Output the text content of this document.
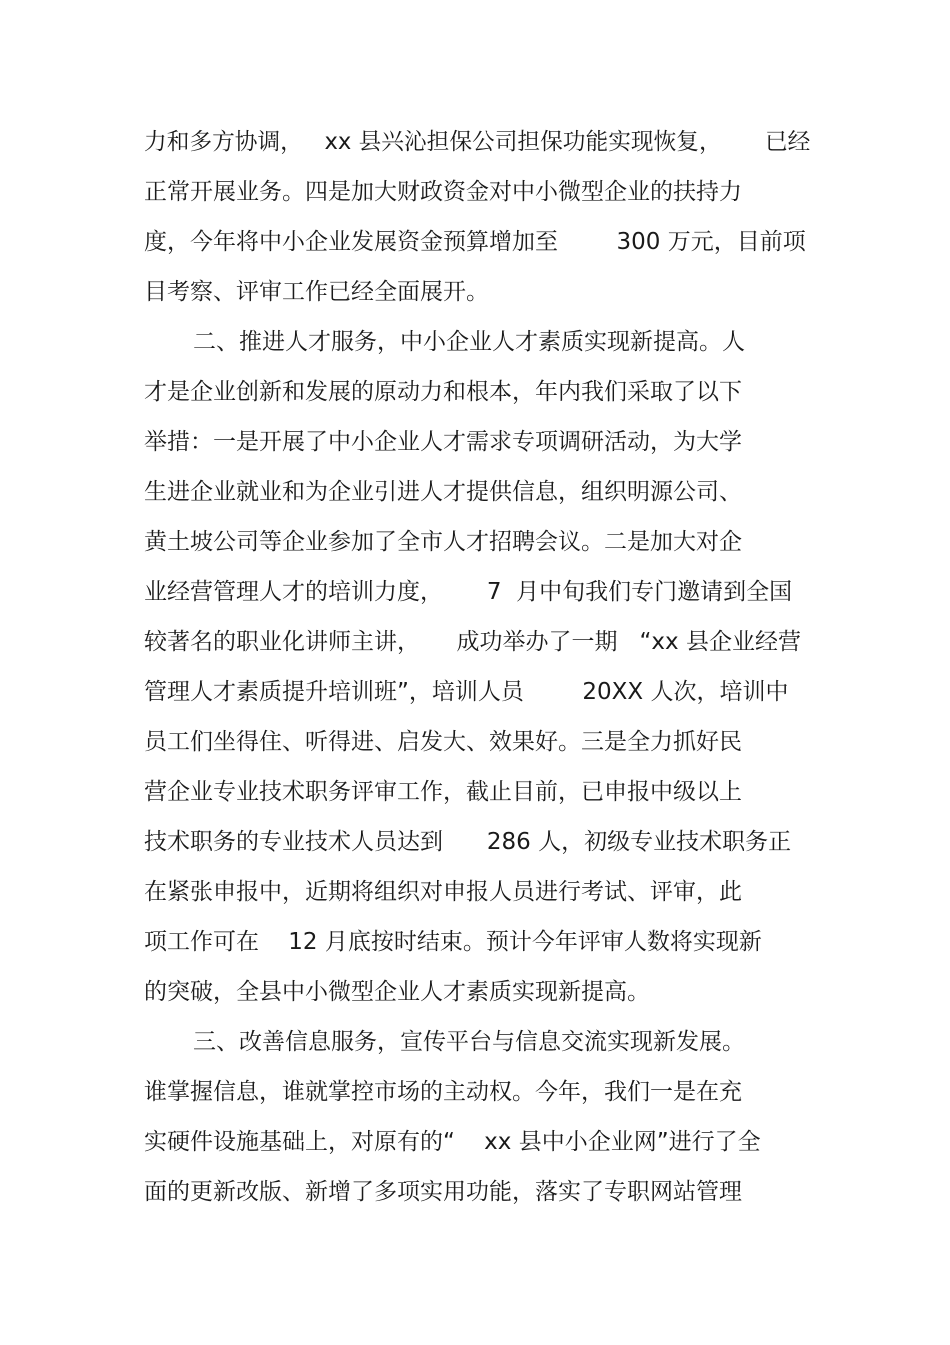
力和多方协调，   xx 县兴沁担保公司担保功能实现恢复，      已经
正常开展业务。四是加大财政资金对中小微型企业的扶持力
度，今年将中小企业发展资金预算增加至        300 万元，目前项
目考察、评审工作已经全面展开。
二、推进人才服务，中小企业人才素质实现新提高。人
才是企业创新和发展的原动力和根本，年内我们采取了以下
举措：一是开展了中小企业人才需求专项调研活动，为大学
生进企业就业和为企业引进人才提供信息，组织明源公司、
黄土坡公司等企业参加了全市人才招聘会议。二是加大对企
业经营管理人才的培训力度，      7  月中旬我们专门邀请到全国
较著名的职业化讲师主讲，     成功举办了一期   “xx 县企业经营
管理人才素质提升培训班”，培训人员        20XX 人次，培训中
员工们坐得住、听得进、启发大、效果好。三是全力抓好民
营企业专业技术职务评审工作，截止目前，已申报中级以上
技术职务的专业技术人员达到      286 人，初级专业技术职务正
在紧张申报中，近期将组织对申报人员进行考试、评审，此
项工作可在    12 月底按时结束。预计今年评审人数将实现新
的突破，全县中小微型企业人才素质实现新提高。
三、改善信息服务，宣传平台与信息交流实现新发展。
谁掌握信息，谁就掌控市场的主动权。今年，我们一是在充
实硬件设施基础上，对原有的“    xx 县中小企业网”进行了全
面的更新改版、新增了多项实用功能，落实了专职网站管理
